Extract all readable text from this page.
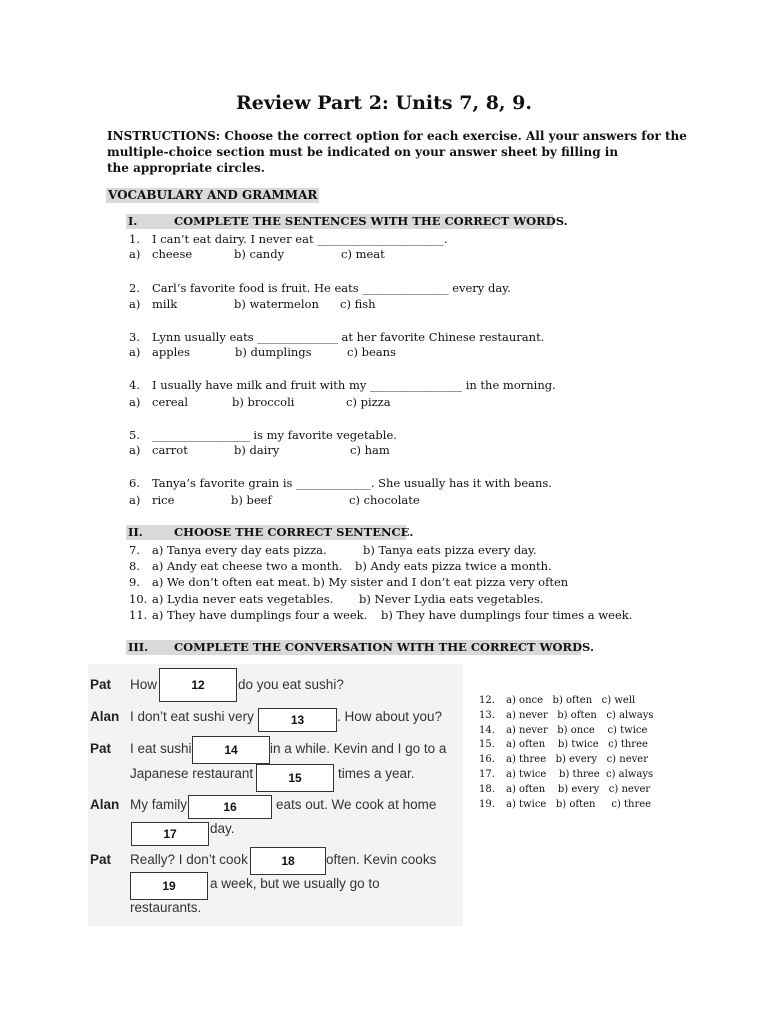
Review Part 2: Units 7, 8, 9.
INSTRUCTIONS: Choose the correct option for each exercise. All your answers for the
multiple-choice section must be indicated on your answer sheet by filling in
the appropriate circles.
VOCABULARY AND GRAMMAR
I.	COMPLETE THE SENTENCES WITH THE CORRECT WORDS.
1. I can’t eat dairy. I never eat ______________________.
a) cheese	b) candy	c) meat
2. Carl’s favorite food is fruit. He eats _______________ every day.
a) milk	b) watermelon c) fish
3. Lynn usually eats ______________ at her favorite Chinese restaurant.
a) apples	b) dumplings	c) beans
4. I usually have milk and fruit with my ________________ in the morning.
a) cereal	b) broccoli	c) pizza
5. _________________ is my favorite vegetable.
a) carrot	b) dairy	c) ham
6. Tanya’s favorite grain is _____________. She usually has it with beans.
a) rice	b) beef	c) chocolate
II.	CHOOSE THE CORRECT SENTENCE.
7. a) Tanya every day eats pizza.	b) Tanya eats pizza every day.
8. a) Andy eat cheese two a month. b) Andy eats pizza twice a month.
9. a) We don’t often eat meat. b) My sister and I don’t eat pizza very often
10. a) Lydia never eats vegetables. b) Never Lydia eats vegetables.
11. a) They have dumplings four a week. b) They have dumplings four times a week.
III. COMPLETE THE CONVERSATION WITH THE CORRECT WORDS.
Pat How	12	do you eat sushi?
Alan I don’t eat sushi very	13	. How about you?
Pat I eat sushi	14	in a while. Kevin and I go to a
Japanese restaurant	15	times a year.
Alan My family	16	eats out. We cook at home
17	day.
Pat Really? I don’t cook	18	often. Kevin cooks
19	a week, but we usually go to
restaurants.
12. a) once   b) often   c) well
13. a) never   b) often   c) always
14. a) never   b) once    c) twice
15. a) often    b) twice   c) three
16. a) three   b) every   c) never
17. a) twice    b) three  c) always
18. a) often    b) every   c) never
19. a) twice   b) often     c) three
